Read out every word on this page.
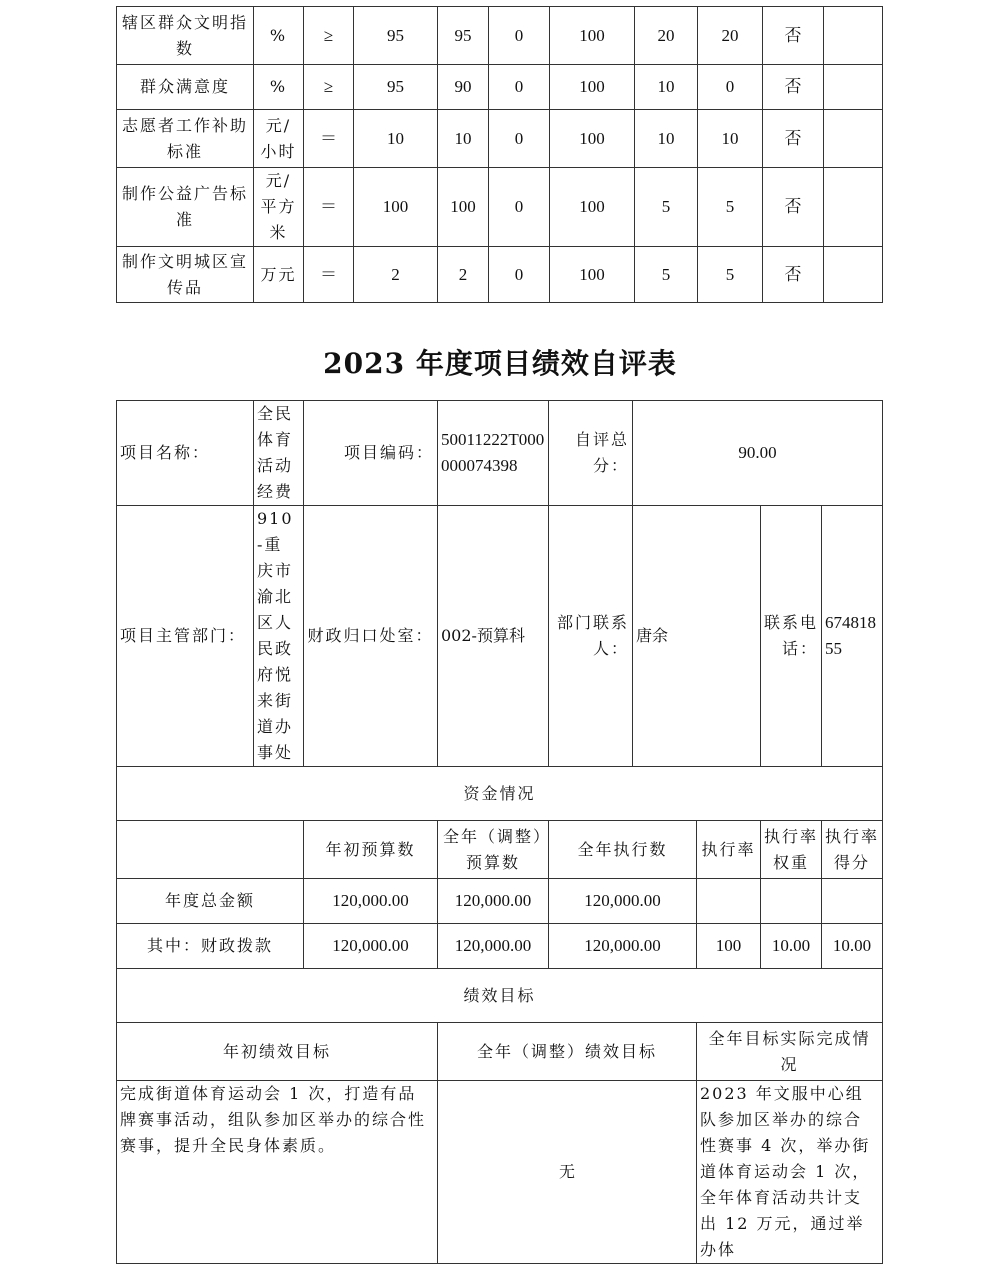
辖区群众文明指数	%	≥	95	95	0	100	20	20	否	
群众满意度	%	≥	95	90	0	100	10	0	否	
志愿者工作补助标准	元/小时	＝	10	10	0	100	10	10	否	
制作公益广告标准	元/平方米	＝	100	100	0	100	5	5	否	
制作文明城区宣传品	万元	＝	2	2	0	100	5	5	否	
2023 年度项目绩效自评表
项目名称：	全民体育活动经费	项目编码：	50011222T000000074398	自评总分：	90.00			
项目主管部门：	910-重庆市渝北区人民政府悦来街道办事处	财政归口处室：	002-预算科	部门联系人：	唐余		联系电话：	67481855
资金情况								
		年初预算数	全年（调整）预算数	全年执行数		执行率	执行率权重	执行率得分
年度总金额		120,000.00	120,000.00	120,000.00				
其中：财政拨款		120,000.00	120,000.00	120,000.00		100	10.00	10.00
绩效目标								
年初绩效目标			全年（调整）绩效目标			全年目标实际完成情况		
完成街道体育运动会 1 次，打造有品牌赛事活动，组队参加区举办的综合性赛事，提升全民身体素质。			无			2023 年文服中心组队参加区举办的综合性赛事 4 次，举办街道体育运动会 1 次，全年体育活动共计支出 12 万元，通过举办体		
